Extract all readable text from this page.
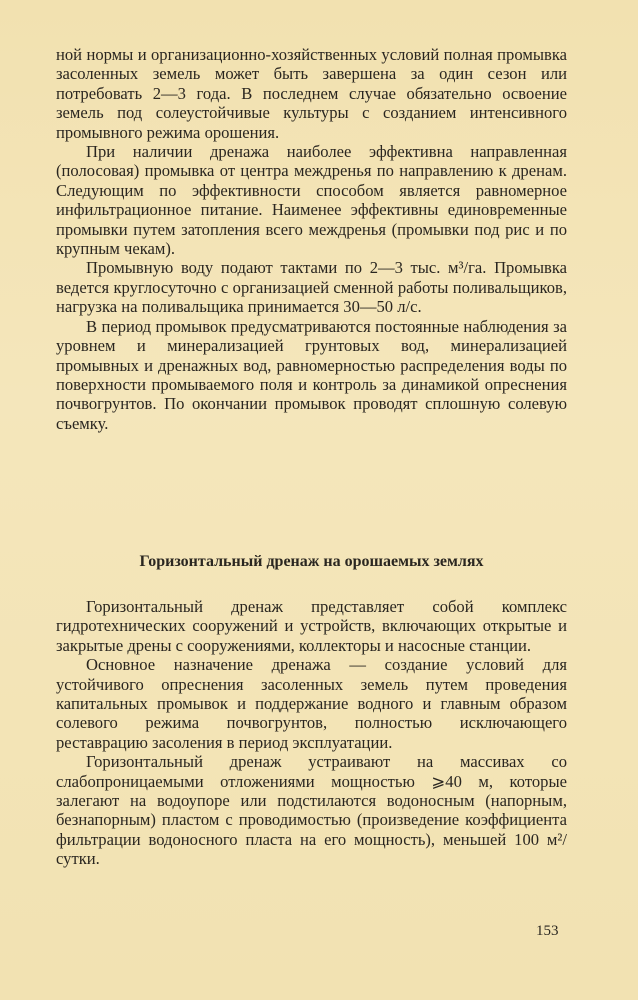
ной нормы и организационно-хозяйственных условий полная промывка засоленных земель может быть завершена за один сезон или потребовать 2—3 года. В последнем случае обязательно освоение земель под солеустойчивые культуры с созданием интенсивного промывного режима орошения.

При наличии дренажа наиболее эффективна направленная (полосовая) промывка от центра междренья по направлению к дренам. Следующим по эффективности способом является равномерное инфильтрационное питание. Наименее эффективны единовременные промывки путем затопления всего междренья (промывки под рис и по крупным чекам).

Промывную воду подают тактами по 2—3 тыс. м³/га. Промывка ведется круглосуточно с организацией сменной работы поливальщиков, нагрузка на поливальщика принимается 30—50 л/с.

В период промывок предусматриваются постоянные наблюдения за уровнем и минерализацией грунтовых вод, минерализацией промывных и дренажных вод, равномерностью распределения воды по поверхности промываемого поля и контроль за динамикой опреснения почвогрунтов. По окончании промывок проводят сплошную солевую съемку.

Горизонтальный дренаж на орошаемых землях

Горизонтальный дренаж представляет собой комплекс гидротехнических сооружений и устройств, включающих открытые и закрытые дрены с сооружениями, коллекторы и насосные станции.

Основное назначение дренажа — создание условий для устойчивого опреснения засоленных земель путем проведения капитальных промывок и поддержание водного и главным образом солевого режима почвогрунтов, полностью исключающего реставрацию засоления в период эксплуатации.

Горизонтальный дренаж устраивают на массивах со слабопроницаемыми отложениями мощностью ⩾40 м, которые залегают на водоупоре или подстилаются водоносным (напорным, безнапорным) пластом с проводимостью (произведение коэффициента фильтрации водоносного пласта на его мощность), меньшей 100 м²/сутки.

153
